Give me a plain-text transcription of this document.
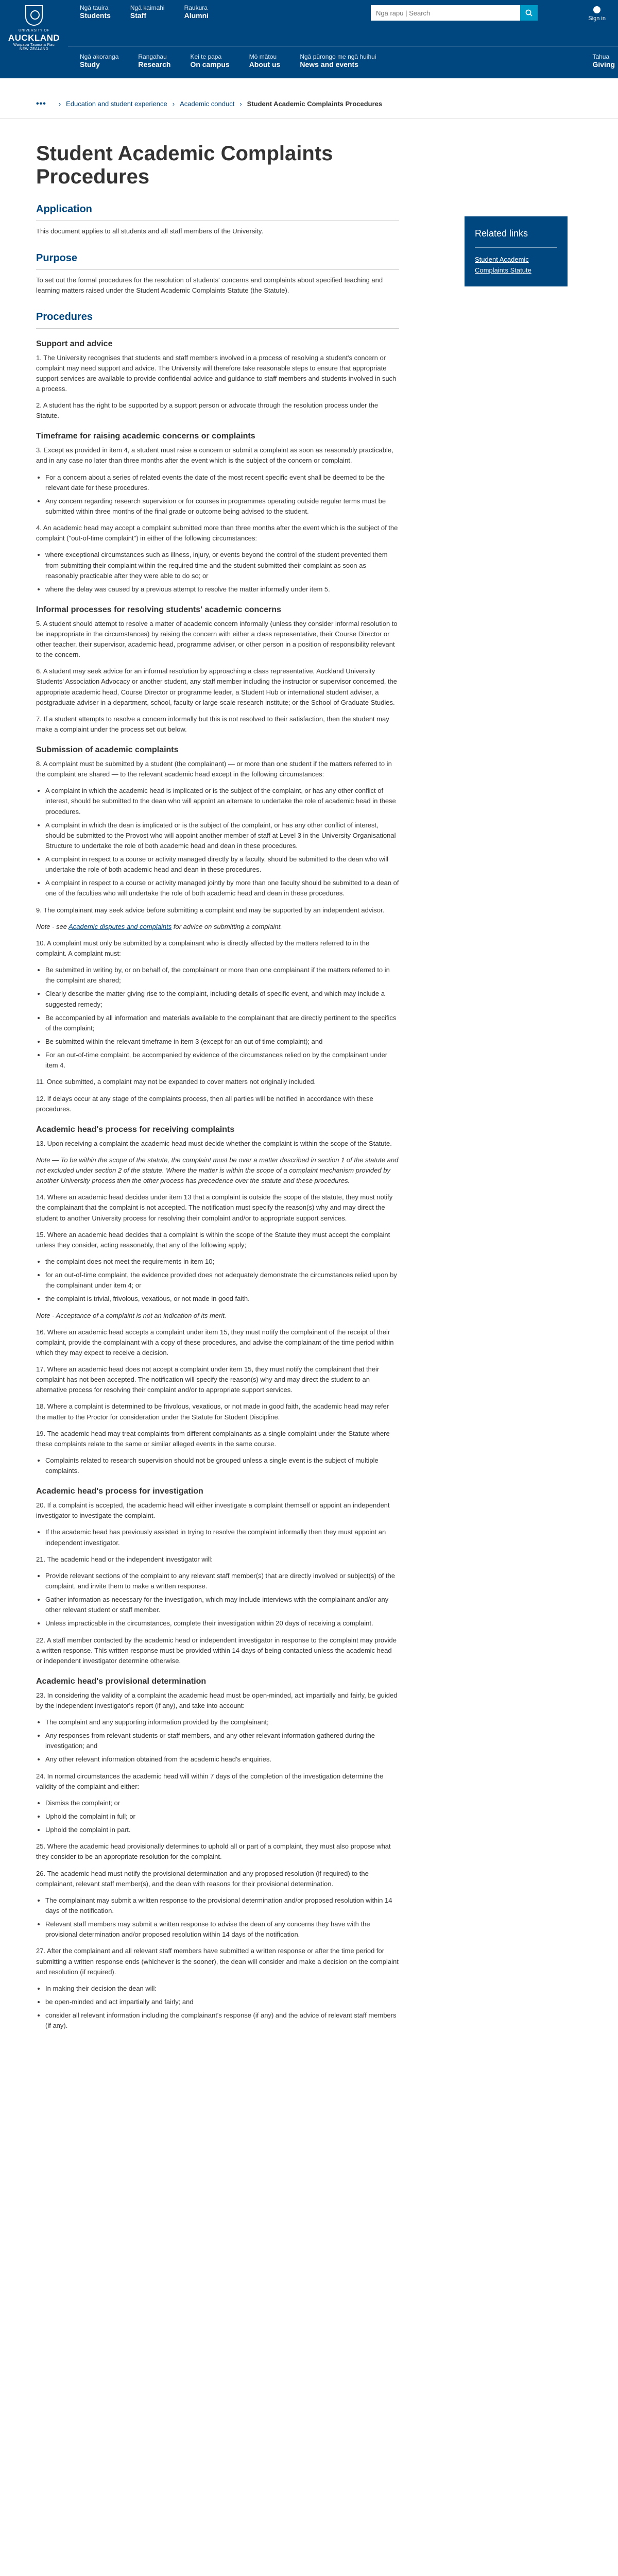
UNIVERSITY OF
AUCKLAND
Waipapa Taumata Rau
NEW ZEALAND
Ngā tauira
Students
Ngā kaimahi
Staff
Raukura
Alumni
Ngā rapu | Search	Sign in
Ngā akoranga
Study
Rangahau
Research
Kei te papa
On campus
Mō mātou
About us
Ngā pūrongo me ngā huihui
News and events
Tahua
Giving
••• › Education and student experience › Academic conduct › Student Academic Complaints Procedures
Student Academic Complaints Procedures
Application

This document applies to all students and all staff members of the University.

Purpose

To set out the formal procedures for the resolution of students' concerns and complaints about specified teaching and learning matters raised under the Student Academic Complaints Statute (the Statute).

Procedures
Support and advice

1. The University recognises that students and staff members involved in a process of resolving a student's concern or complaint may need support and advice. The University will therefore take reasonable steps to ensure that appropriate support services are available to provide confidential advice and guidance to staff members and students involved in such a process.

2. A student has the right to be supported by a support person or advocate through the resolution process under the Statute.

Timeframe for raising academic concerns or complaints

3. Except as provided in item 4, a student must raise a concern or submit a complaint as soon as reasonably practicable, and in any case no later than three months after the event which is the subject of the concern or complaint.

• For a concern about a series of related events the date of the most recent specific event shall be deemed to be the relevant date for these procedures.
• Any concern regarding research supervision or for courses in programmes operating outside regular terms must be submitted within three months of the final grade or outcome being advised to the student.

4. An academic head may accept a complaint submitted more than three months after the event which is the subject of the complaint ("out-of-time complaint") in either of the following circumstances:

• where exceptional circumstances such as illness, injury, or events beyond the control of the student prevented them from submitting their complaint within the required time and the student submitted their complaint as soon as reasonably practicable after they were able to do so; or
• where the delay was caused by a previous attempt to resolve the matter informally under item 5.
Informal processes for resolving students' academic concerns

5. A student should attempt to resolve a matter of academic concern informally (unless they consider informal resolution to be inappropriate in the circumstances) by raising the concern with either a class representative, their Course Director or other teacher, their supervisor, academic head, programme adviser, or other person in a position of responsibility relevant to the concern.

6. A student may seek advice for an informal resolution by approaching a class representative, Auckland University Students' Association Advocacy or another student, any staff member including the instructor or supervisor concerned, the appropriate academic head, Course Director or programme leader, a Student Hub or international student adviser, a postgraduate adviser in a department, school, faculty or large-scale research institute; or the School of Graduate Studies.

7. If a student attempts to resolve a concern informally but this is not resolved to their satisfaction, then the student may make a complaint under the process set out below.

Submission of academic complaints

8. A complaint must be submitted by a student (the complainant) — or more than one student if the matters referred to in the complaint are shared — to the relevant academic head except in the following circumstances:

• A complaint in which the academic head is implicated or is the subject of the complaint, or has any other conflict of interest, should be submitted to the dean who will appoint an alternate to undertake the role of academic head in these procedures.
• A complaint in which the dean is implicated or is the subject of the complaint, or has any other conflict of interest, should be submitted to the Provost who will appoint another member of staff at Level 3 in the University Organisational Structure to undertake the role of both academic head and dean in these procedures.
• A complaint in respect to a course or activity managed directly by a faculty, should be submitted to the dean who will undertake the role of both academic head and dean in these procedures.
• A complaint in respect to a course or activity managed jointly by more than one faculty should be submitted to a dean of one of the faculties who will undertake the role of both academic head and dean in these procedures.

9. The complainant may seek advice before submitting a complaint and may be supported by an independent advisor.

Note - see Academic disputes and complaints for advice on submitting a complaint.

10. A complaint must only be submitted by a complainant who is directly affected by the matters referred to in the complaint. A complaint must:

• Be submitted in writing by, or on behalf of, the complainant or more than one complainant if the matters referred to in the complaint are shared;
• Clearly describe the matter giving rise to the complaint, including details of specific event, and which may include a suggested remedy;
• Be accompanied by all information and materials available to the complainant that are directly pertinent to the specifics of the complaint;
• Be submitted within the relevant timeframe in item 3 (except for an out of time complaint); and
• For an out-of-time complaint, be accompanied by evidence of the circumstances relied on by the complainant under item 4.

11. Once submitted, a complaint may not be expanded to cover matters not originally included.

12. If delays occur at any stage of the complaints process, then all parties will be notified in accordance with these procedures.

Academic head's process for receiving complaints

13. Upon receiving a complaint the academic head must decide whether the complaint is within the scope of the Statute.

Note — To be within the scope of the statute, the complaint must be over a matter described in section 1 of the statute and not excluded under section 2 of the statute. Where the matter is within the scope of a complaint mechanism provided by another University process then the other process has precedence over the statute and these procedures.

14. Where an academic head decides under item 13 that a complaint is outside the scope of the statute, they must notify the complainant that the complaint is not accepted. The notification must specify the reason(s) why and may direct the student to another University process for resolving their complaint and/or to appropriate support services.

15. Where an academic head decides that a complaint is within the scope of the Statute they must accept the complaint unless they consider, acting reasonably, that any of the following apply;

• the complaint does not meet the requirements in item 10;
• for an out-of-time complaint, the evidence provided does not adequately demonstrate the circumstances relied upon by the complainant under item 4; or
• the complaint is trivial, frivolous, vexatious, or not made in good faith.

Note - Acceptance of a complaint is not an indication of its merit.

16. Where an academic head accepts a complaint under item 15, they must notify the complainant of the receipt of their complaint, provide the complainant with a copy of these procedures, and advise the complainant of the time period within which they may expect to receive a decision.

17. Where an academic head does not accept a complaint under item 15, they must notify the complainant that their complaint has not been accepted. The notification will specify the reason(s) why and may direct the student to an alternative process for resolving their complaint and/or to appropriate support services.

18. Where a complaint is determined to be frivolous, vexatious, or not made in good faith, the academic head may refer the matter to the Proctor for consideration under the Statute for Student Discipline.

19. The academic head may treat complaints from different complainants as a single complaint under the Statute where these complaints relate to the same or similar alleged events in the same course.

• Complaints related to research supervision should not be grouped unless a single event is the subject of multiple complaints.
Academic head's process for investigation

20. If a complaint is accepted, the academic head will either investigate a complaint themself or appoint an independent investigator to investigate the complaint.

• If the academic head has previously assisted in trying to resolve the complaint informally then they must appoint an independent investigator.

21. The academic head or the independent investigator will:

• Provide relevant sections of the complaint to any relevant staff member(s) that are directly involved or subject(s) of the complaint, and invite them to make a written response.
• Gather information as necessary for the investigation, which may include interviews with the complainant and/or any other relevant student or staff member.
• Unless impracticable in the circumstances, complete their investigation within 20 days of receiving a complaint.

22. A staff member contacted by the academic head or independent investigator in response to the complaint may provide a written response. This written response must be provided within 14 days of being contacted unless the academic head or independent investigator determine otherwise.

Academic head's provisional determination

23. In considering the validity of a complaint the academic head must be open-minded, act impartially and fairly, be guided by the independent investigator's report (if any), and take into account:

• The complaint and any supporting information provided by the complainant;
• Any responses from relevant students or staff members, and any other relevant information gathered during the investigation; and
• Any other relevant information obtained from the academic head's enquiries.

24. In normal circumstances the academic head will within 7 days of the completion of the investigation determine the validity of the complaint and either:

• Dismiss the complaint; or
• Uphold the complaint in full; or
• Uphold the complaint in part.

25. Where the academic head provisionally determines to uphold all or part of a complaint, they must also propose what they consider to be an appropriate resolution for the complaint.

26. The academic head must notify the provisional determination and any proposed resolution (if required) to the complainant, relevant staff member(s), and the dean with reasons for their provisional determination.

• The complainant may submit a written response to the provisional determination and/or proposed resolution within 14 days of the notification.
• Relevant staff members may submit a written response to advise the dean of any concerns they have with the provisional determination and/or proposed resolution within 14 days of the notification.

27. After the complainant and all relevant staff members have submitted a written response or after the time period for submitting a written response ends (whichever is the sooner), the dean will consider and make a decision on the complaint and resolution (if required).

• In making their decision the dean will:
• be open-minded and act impartially and fairly; and
• consider all relevant information including the complainant's response (if any) and the advice of relevant staff members (if any).
Related links
Student Academic Complaints Statute
